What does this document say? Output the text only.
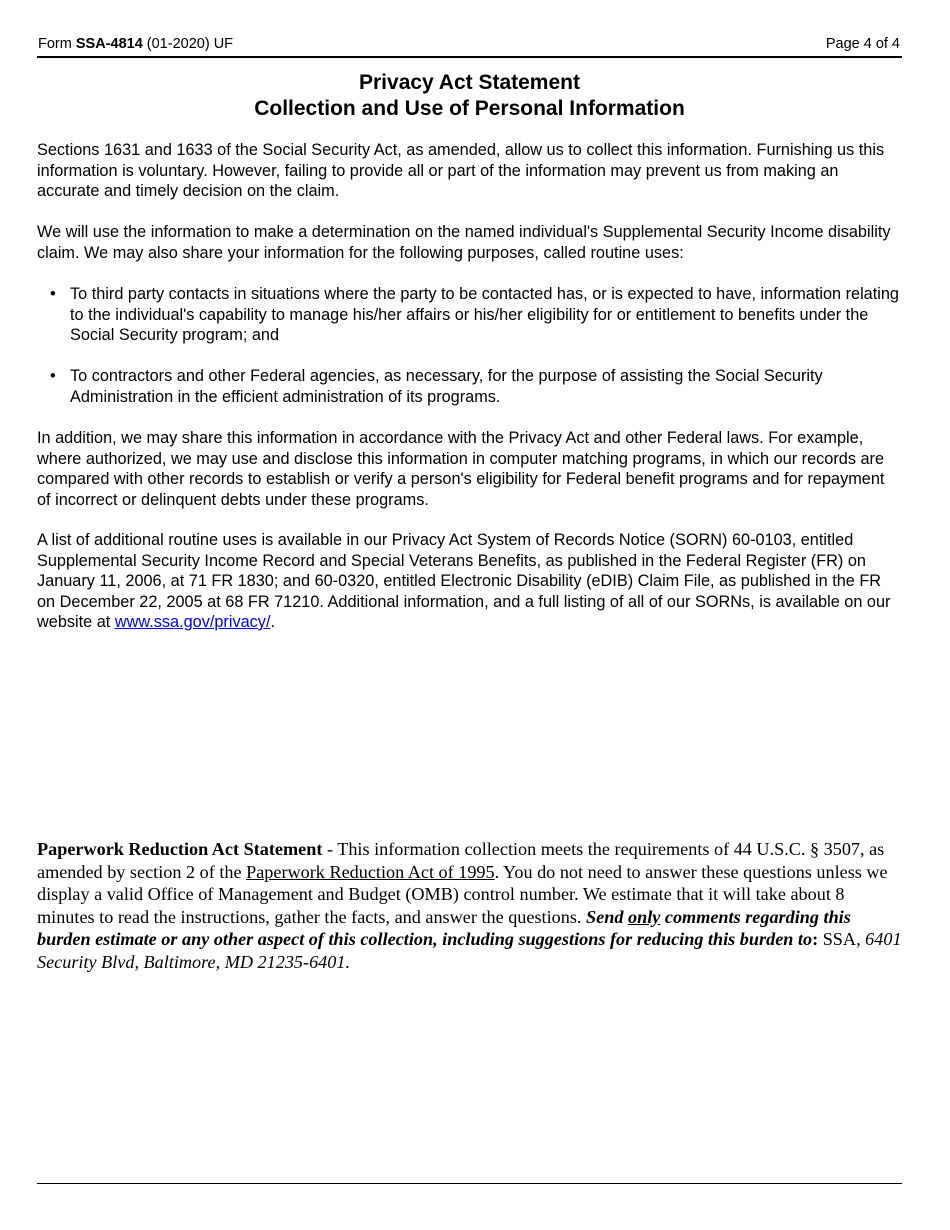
Form SSA-4814 (01-2020) UF	Page 4 of 4
Privacy Act Statement
Collection and Use of Personal Information
Sections 1631 and 1633 of the Social Security Act, as amended, allow us to collect this information. Furnishing us this information is voluntary. However, failing to provide all or part of the information may prevent us from making an accurate and timely decision on the claim.
We will use the information to make a determination on the named individual's Supplemental Security Income disability claim. We may also share your information for the following purposes, called routine uses:
• To third party contacts in situations where the party to be contacted has, or is expected to have, information relating to the individual's capability to manage his/her affairs or his/her eligibility for or entitlement to benefits under the Social Security program; and
• To contractors and other Federal agencies, as necessary, for the purpose of assisting the Social Security Administration in the efficient administration of its programs.
In addition, we may share this information in accordance with the Privacy Act and other Federal laws. For example, where authorized, we may use and disclose this information in computer matching programs, in which our records are compared with other records to establish or verify a person's eligibility for Federal benefit programs and for repayment of incorrect or delinquent debts under these programs.
A list of additional routine uses is available in our Privacy Act System of Records Notice (SORN) 60-0103, entitled Supplemental Security Income Record and Special Veterans Benefits, as published in the Federal Register (FR) on January 11, 2006, at 71 FR 1830; and 60-0320, entitled Electronic Disability (eDIB) Claim File, as published in the FR on December 22, 2005 at 68 FR 71210. Additional information, and a full listing of all of our SORNs, is available on our website at www.ssa.gov/privacy/.
Paperwork Reduction Act Statement - This information collection meets the requirements of 44 U.S.C. § 3507, as amended by section 2 of the Paperwork Reduction Act of 1995. You do not need to answer these questions unless we display a valid Office of Management and Budget (OMB) control number. We estimate that it will take about 8 minutes to read the instructions, gather the facts, and answer the questions. Send only comments regarding this burden estimate or any other aspect of this collection, including suggestions for reducing this burden to: SSA, 6401 Security Blvd, Baltimore, MD 21235-6401.
